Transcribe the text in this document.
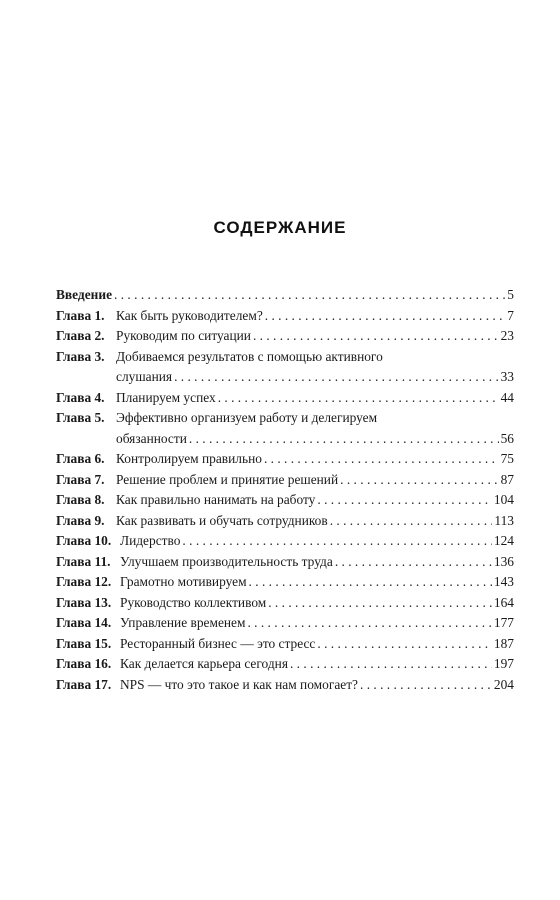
СОДЕРЖАНИЕ
Введение . . .	5
Глава 1. Как быть руководителем? . . .	7
Глава 2. Руководим по ситуации . . .	23
Глава 3. Добиваемся результатов с помощью активного
слушания . . .	33
Глава 4. Планируем успех . . .	44
Глава 5. Эффективно организуем работу и делегируем
обязанности . . .	56
Глава 6. Контролируем правильно . . .	75
Глава 7. Решение проблем и принятие решений . . .	87
Глава 8. Как правильно нанимать на работу . . .	104
Глава 9. Как развивать и обучать сотрудников . . .	113
Глава 10. Лидерство . . .	124
Глава 11. Улучшаем производительность труда . . .	136
Глава 12. Грамотно мотивируем . . .	143
Глава 13. Руководство коллективом . . .	164
Глава 14. Управление временем . . .	177
Глава 15. Ресторанный бизнес — это стресс . . .	187
Глава 16. Как делается карьера сегодня . . .	197
Глава 17. NPS — что это такое и как нам помогает? . . .	204
